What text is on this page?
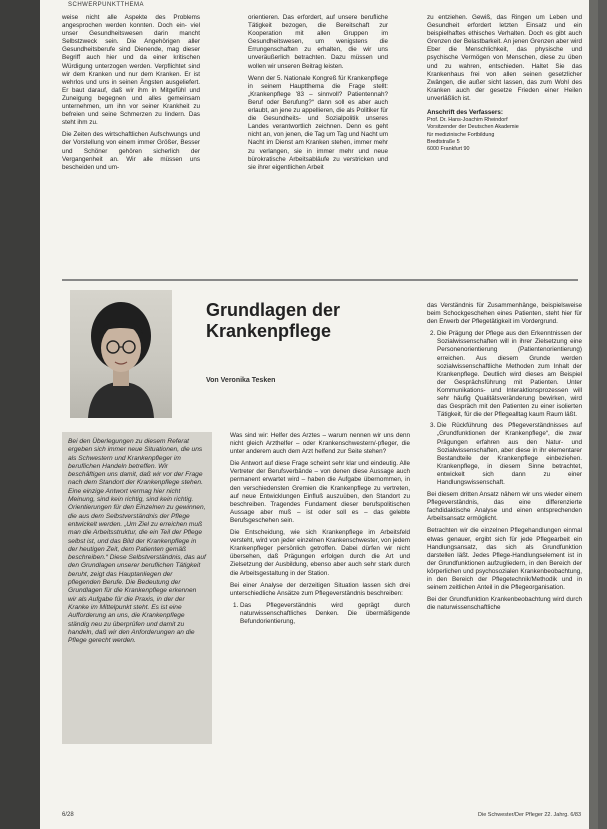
SCHWERPUNKTTHEMA

weise nicht alle Aspekte des Problems angesprochen werden konnten. Doch ein- viel unser Gesundheitswesen darin mancht Selbstzweck sein. Die Angehörigen aller Gesundheitsberufe sind Dienende, mag dieser Begriff auch hier und da einer kritischen Würdigung unterzogen werden. Verpflichtet sind wir dem Kranken und nur dem Kranken. Er ist wehrlos und uns in seinen Ängsten ausgeliefert. Er baut darauf, daß wir ihm in Mitgefühl und Zuneigung begegnen und alles gemeinsam unternehmen, um ihn vor seiner Krankheit zu befreien und seine Schmerzen zu lindern. Das steht ihm zu.

Die Zeiten des wirtschaftlichen Aufschwungs und der Vorstellung von einem immer Größer, Besser und Schöner gehören sicherlich der Vergangenheit an. Wir alle müssen uns bescheiden und um-

orientieren. Das erfordert, auf unsere berufliche Tätigkeit bezogen, die Bereitschaft zur Kooperation mit allen Gruppen im Gesundheitswesen, um wenigstens die Errungenschaften zu erhalten, die wir uns unveräußerlich betrachten. Dazu müssen und wollen wir unseren Beitrag leisten.

Wenn der 5. Nationale Kongreß für Krankenpflege in seinem Hauptthema die Frage stellt: „Krankenpflege '83 – sinnvoll? Patientennah? Beruf oder Berufung?“ dann soll es aber auch erlaubt, an jene zu appellieren, die als Politiker für die Gesundheits- und Sozialpolitik unseres Landes verantwortlich zeichnen. Denn es geht nicht an, von jenen, die Tag um Tag und Nacht um Nacht im Dienst am Kranken stehen, immer mehr zu verlangen, sie in immer mehr und neue bürokratische Arbeitsabläufe zu verstricken und sie ihrer eigentlichen Arbeit

zu entziehen. Gewiß, das Ringen um Leben und Gesundheit erfordert letzten Einsatz und ein beispielhaftes ethisches Verhalten. Doch es gibt auch Grenzen der Belastbarkeit. An jenen Grenzen aber wird Eber die Menschlichkeit, das physische und psychische Vermögen von Menschen, diese zu üben und zu wahren, entschieden. Haltet Sie das Krankenhaus frei von allen seinen gesetzlicher Zwängen, die außer sicht lassen, das zum Wohl des Kranken auch der gesetze Frieden einer Heilen unverläßlich ist.

Anschrift des Verfassers:
Prof. Dr. Hans-Joachim Rheindorf
Vorsitzender der Deutschen Akademie
für medizinische Fortbildung
Bredtstraße 5
6000 Frankfurt 90
Grundlagen der Krankenpflege
Von Veronika Tesken

Bei den Überlegungen zu diesem Referat ergeben sich immer neue Situationen, die uns als Schwestern und Krankenpfleger im beruflichen Handeln betreffen. Wir beschäftigen uns damit, daß wir vor der Frage nach dem Standort der Krankenpflege stehen. Eine einzige Antwort vermag hier nicht Meinung, sind kein richtig, sind kein richtig. Orientierungen für den Einzelnen zu gewinnen, die aus dem Selbstverständnis der Pflege entwickelt werden. „Um Ziel zu erreichen muß man die Arbeitsstruktur, die ein Teil der Pflege selbst ist, und das Bild der Krankenpflege in der heutigen Zeit, dem Patienten gemäß beschreiben.“ Diese Selbstverständnis, das auf den Grundlagen unserer beruflichen Tätigkeit beruht, zeigt das Hauptanliegen der pflegenden Berufe. Die Bedeutung der Grundlagen für die Krankenpflege erkennen wir als Aufgabe für die Praxis, in der der Kranke im Mittelpunkt steht. Es ist eine Aufforderung an uns, die Krankenpflege ständig neu zu überprüfen und damit zu handeln, daß wir den Anforderungen an die Pflege gerecht werden.

Was sind wir: Helfer des Arztes – warum nennen wir uns denn nicht gleich Arzthelfer – oder Krankenschwestern/-pfleger, die unter anderem auch dem Arzt helfend zur Seite stehen?

Die Antwort auf diese Frage scheint sehr klar und eindeutig. Alle Vertreter der Berufsverbände – von denen diese Aussage auch permanent erwartet wird – haben die Aufgabe übernommen, in den verschiedensten Gremien die Krankenpflege zu vertreten, auf neue Entwicklungen Einfluß auszuüben, den Standort zu beschreiben. Tragendes Fundament dieser berufspolitischen Aussage aber muß – ist oder soll es – das gelebte Berufsgeschehen sein.

Die Entscheidung, wie sich Krankenpflege im Arbeitsfeld versteht, wird von jeder einzelnen Krankenschwester, von jedem Krankenpfleger persönlich getroffen. Dabei dürfen wir nicht übersehen, daß Prägungen erfolgen durch die Art und Zielsetzung der Ausbildung, ebenso aber auch sehr stark durch die Arbeitsgestaltung in der Station.

Bei einer Analyse der derzeitigen Situation lassen sich drei unterschiedliche Ansätze zum Pflegeverständnis beschreiben:

1. Das Pflegeverständnis wird geprägt durch naturwissenschaftliches Denken. Die übermäßigende Befundorientierung,

das Verständnis für Zusammenhänge, beispielsweise beim Schockgeschehen eines Patienten, steht hier für den Erwerb der Pflegetätigkeit im Vordergrund.

2. Die Prägung der Pflege aus den Erkenntnissen der Sozialwissenschaften will in ihrer Zielsetzung eine Personenorientierung (Patientenorientierung) erreichen. Aus diesem Grunde werden sozialwissenschaftliche Methoden zum Inhalt der Krankenpflege. Deutlich wird dieses am Beispiel der Gesprächsführung mit Patienten. Unter Kommunikations- und Interaktionsprozessen will sehr häufig Qualitätsveränderung bewirken, wird das Gespräch mit den Patienten zu einer isolierten Tätigkeit, für die der Pflegealltag kaum Raum läßt.
3. Die Rückführung des Pflegeverständnisses auf „Grundfunktionen der Krankenpflege“, die zwar Prägungen erfahren aus den Natur- und Sozialwissenschaften, aber diese in ihr elementarer Bestandteile der Krankenpflege einbeziehen. Krankenpflege, in diesem Sinne betrachtet, entwickelt sich dann zu einer Handlungswissenschaft.

Bei diesem dritten Ansatz nähern wir uns wieder einem Pflegeverständnis, das eine differenzierte fachdidaktische Analyse und einen entsprechenden Arbeitsansatz ermöglicht.

Betrachten wir die einzelnen Pflegehandlungen einmal etwas genauer, ergibt sich für jede Pflegearbeit ein Handlungsansatz, das sich als Grundfunktion darstellen läßt. Jedes Pflege-Handlungselement ist in der Grundfunktionen aufzugliedern, in den Bereich der körperlichen und psychosozialen Krankenbeobachtung, in den Bereich der Pflegetechnik/Methodik und in seinem zeitlichen Anteil in die Pflegeorganisation.

Bei der Grundfunktion Krankenbeobachtung wird durch die naturwissenschaftliche

6/28	Die Schwester/Der Pfleger 22. Jahrg. 6/83
